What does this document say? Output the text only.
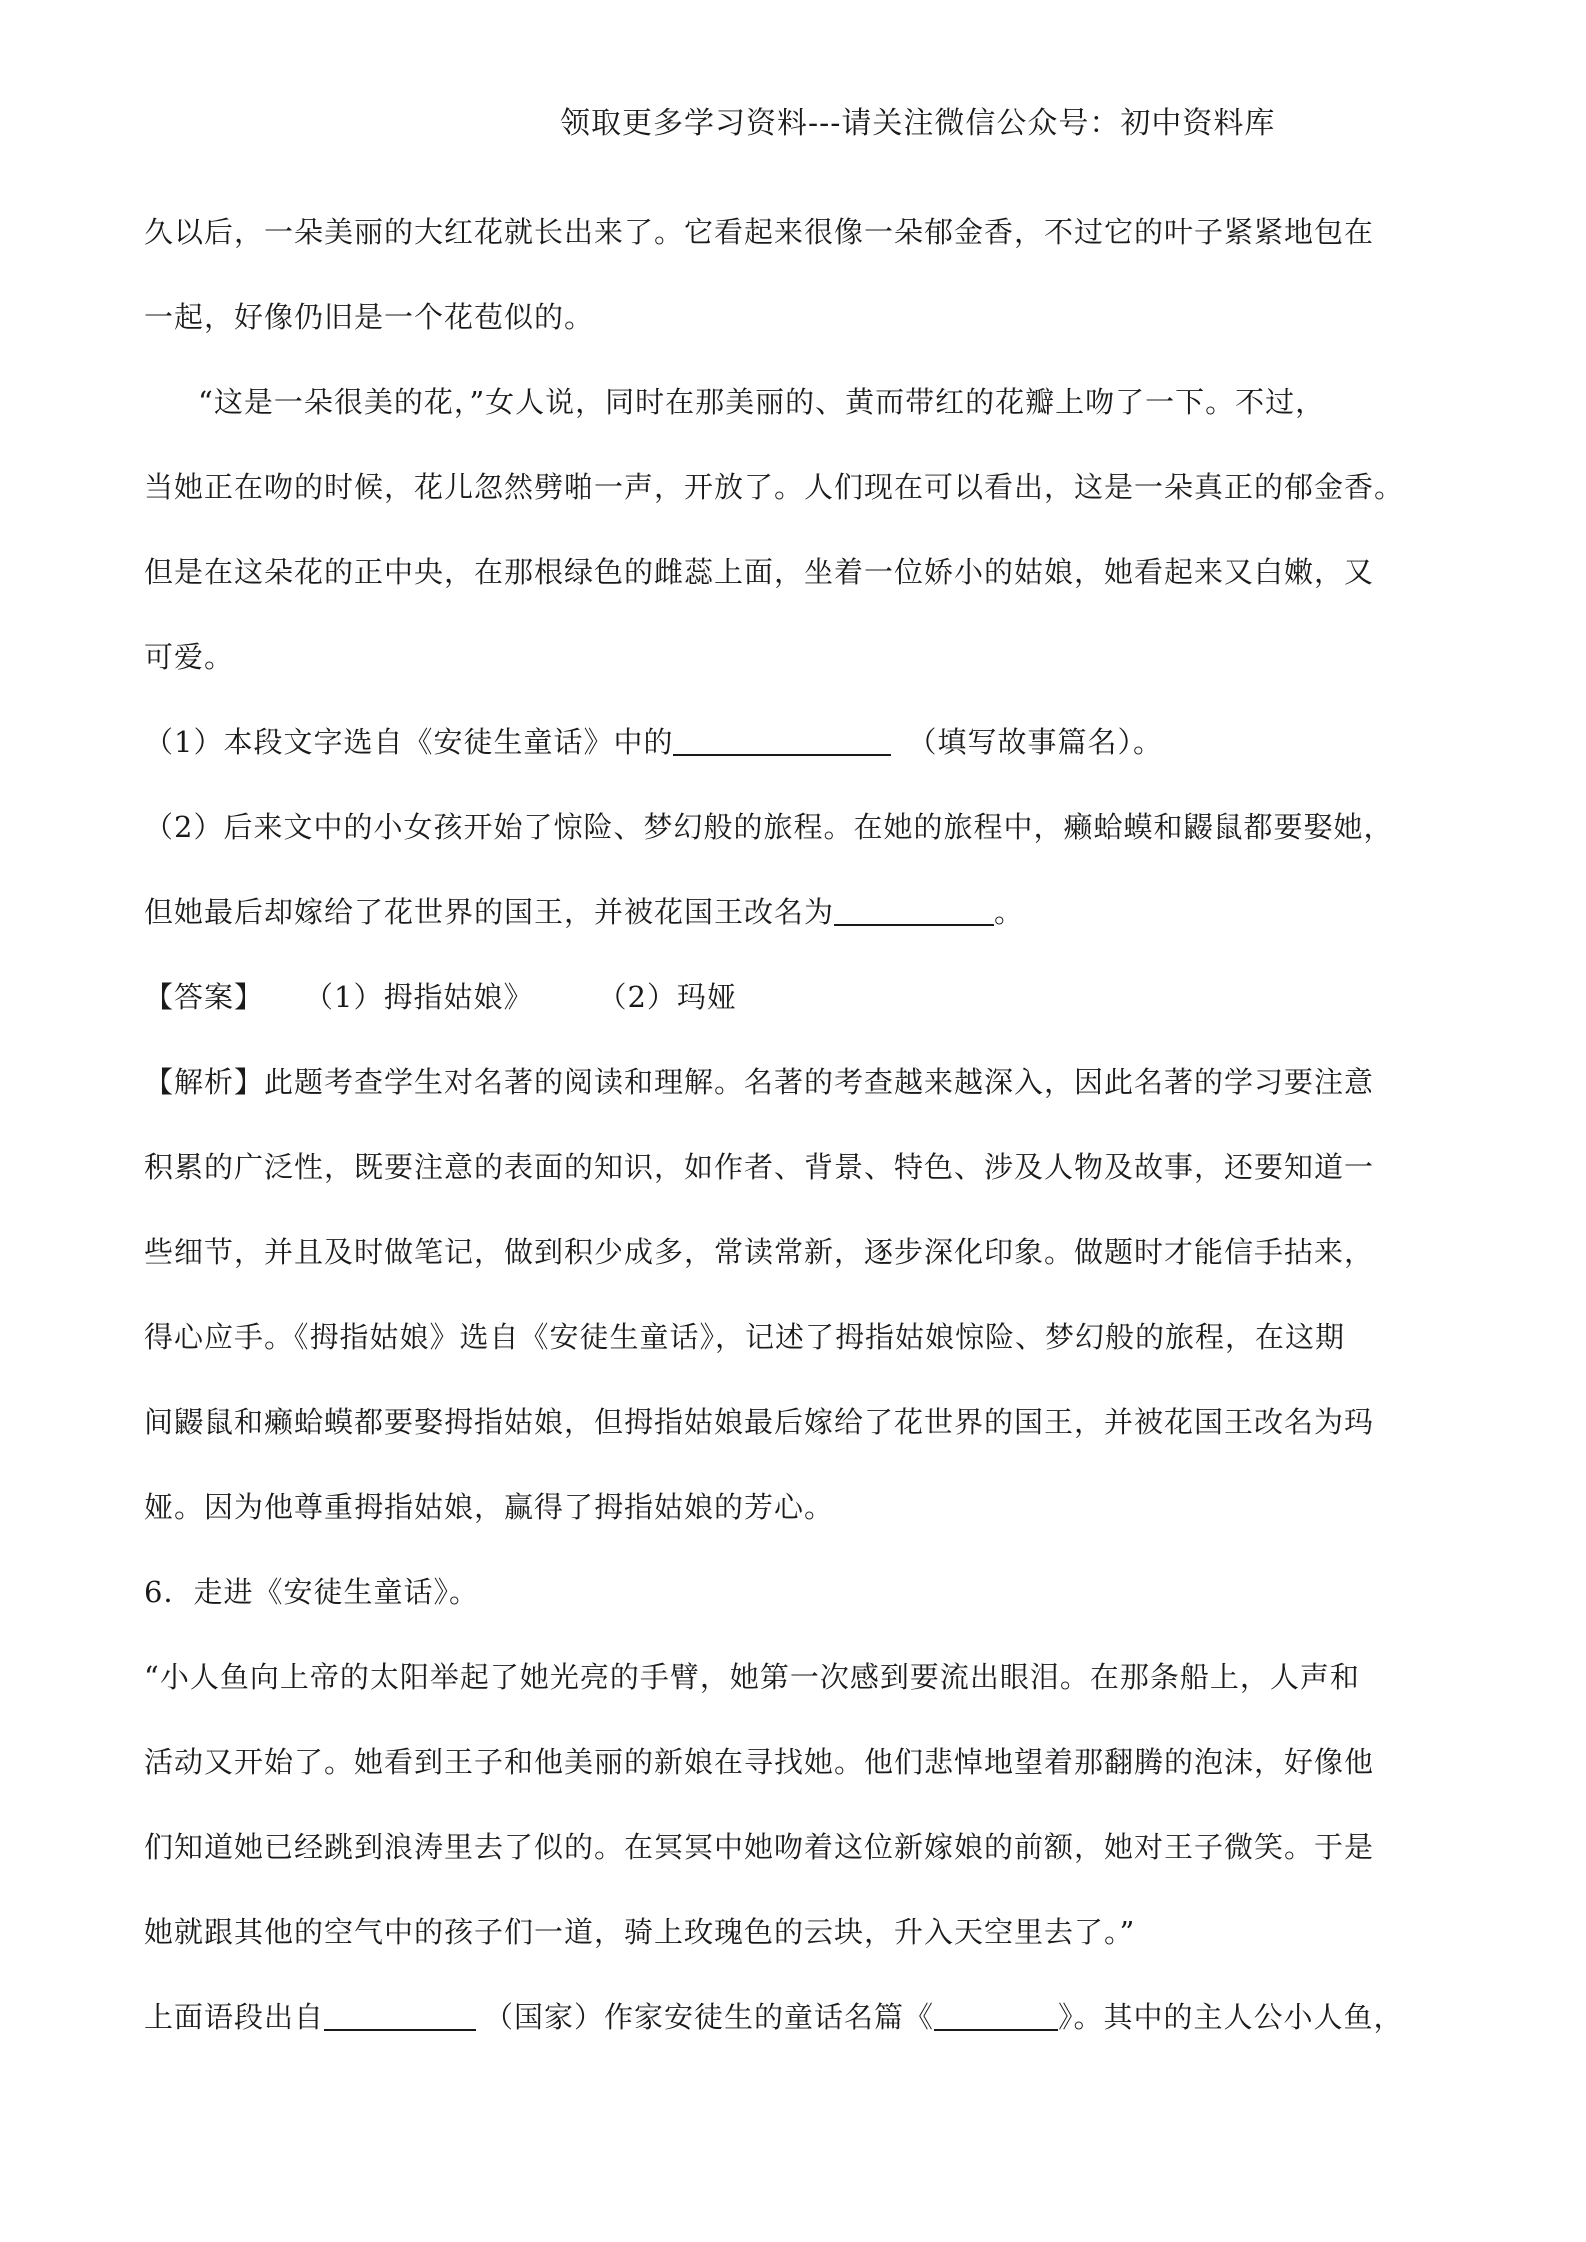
领取更多学习资料---请关注微信公众号：初中资料库
久以后，一朵美丽的大红花就长出来了。它看起来很像一朵郁金香，不过它的叶子紧紧地包在
一起，好像仍旧是一个花苞似的。
“这是一朵很美的花，”女人说，同时在那美丽的、黄而带红的花瓣上吻了一下。不过，
当她正在吻的时候，花儿忽然劈啪一声，开放了。人们现在可以看出，这是一朵真正的郁金香。
但是在这朵花的正中央，在那根绿色的雌蕊上面，坐着一位娇小的姑娘，她看起来又白嫩，又
可爱。
（1）本段文字选自《安徒生童话》中的	（填写故事篇名）。
（2）后来文中的小女孩开始了惊险、梦幻般的旅程。在她的旅程中，癞蛤蟆和鼹鼠都要娶她，
但她最后却嫁给了花世界的国王，并被花国王改名为	。
【答案】 （1）拇指姑娘》 （2）玛娅
【解析】此题考查学生对名著的阅读和理解。名著的考查越来越深入，因此名著的学习要注意
积累的广泛性，既要注意的表面的知识，如作者、背景、特色、涉及人物及故事，还要知道一
些细节，并且及时做笔记，做到积少成多，常读常新，逐步深化印象。做题时才能信手拈来，
得心应手。《拇指姑娘》选自《安徒生童话》，记述了拇指姑娘惊险、梦幻般的旅程，在这期
间鼹鼠和癞蛤蟆都要娶拇指姑娘，但拇指姑娘最后嫁给了花世界的国王，并被花国王改名为玛
娅。因为他尊重拇指姑娘，赢得了拇指姑娘的芳心。
6．走进《安徒生童话》。
“小人鱼向上帝的太阳举起了她光亮的手臂，她第一次感到要流出眼泪。在那条船上，人声和
活动又开始了。她看到王子和他美丽的新娘在寻找她。他们悲悼地望着那翻腾的泡沫，好像他
们知道她已经跳到浪涛里去了似的。在冥冥中她吻着这位新嫁娘的前额，她对王子微笑。于是
她就跟其他的空气中的孩子们一道，骑上玫瑰色的云块，升入天空里去了。”
上面语段出自	（国家）作家安徒生的童话名篇《	》。其中的主人公小人鱼，
